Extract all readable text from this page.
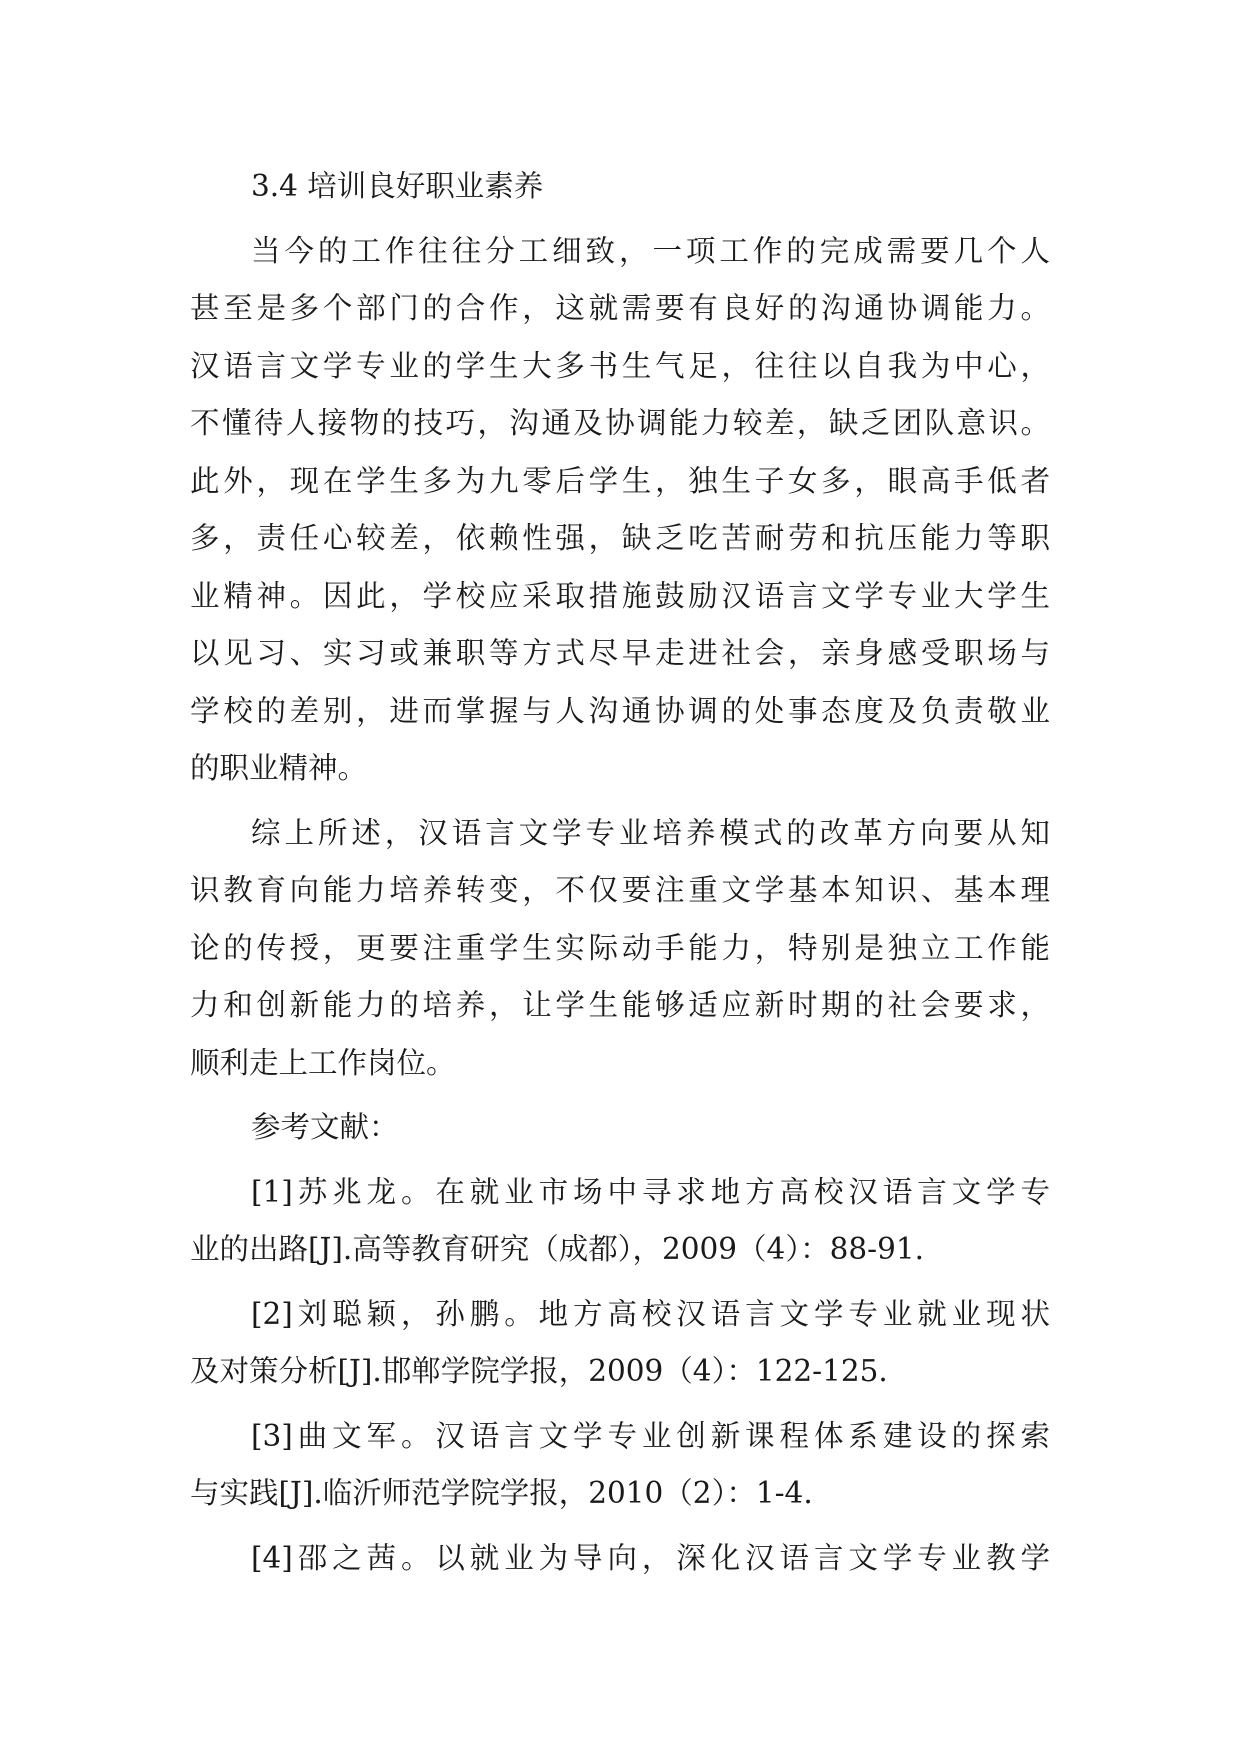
3.4 培训良好职业素养
当今的工作往往分工细致，一项工作的完成需要几个人
甚至是多个部门的合作，这就需要有良好的沟通协调能力。
汉语言文学专业的学生大多书生气足，往往以自我为中心，
不懂待人接物的技巧，沟通及协调能力较差，缺乏团队意识。
此外，现在学生多为九零后学生，独生子女多，眼高手低者
多，责任心较差，依赖性强，缺乏吃苦耐劳和抗压能力等职
业精神。因此，学校应采取措施鼓励汉语言文学专业大学生
以见习、实习或兼职等方式尽早走进社会，亲身感受职场与
学校的差别，进而掌握与人沟通协调的处事态度及负责敬业
的职业精神。
综上所述，汉语言文学专业培养模式的改革方向要从知
识教育向能力培养转变，不仅要注重文学基本知识、基本理
论的传授，更要注重学生实际动手能力，特别是独立工作能
力和创新能力的培养，让学生能够适应新时期的社会要求，
顺利走上工作岗位。
参考文献：
[1]苏兆龙。在就业市场中寻求地方高校汉语言文学专
业的出路[J].高等教育研究（成都），2009（4）：88-91.
[2]刘聪颖，孙鹏。地方高校汉语言文学专业就业现状
及对策分析[J].邯郸学院学报，2009（4）：122-125.
[3]曲文军。汉语言文学专业创新课程体系建设的探索
与实践[J].临沂师范学院学报，2010（2）：1-4.
[4]邵之茜。以就业为导向，深化汉语言文学专业教学
